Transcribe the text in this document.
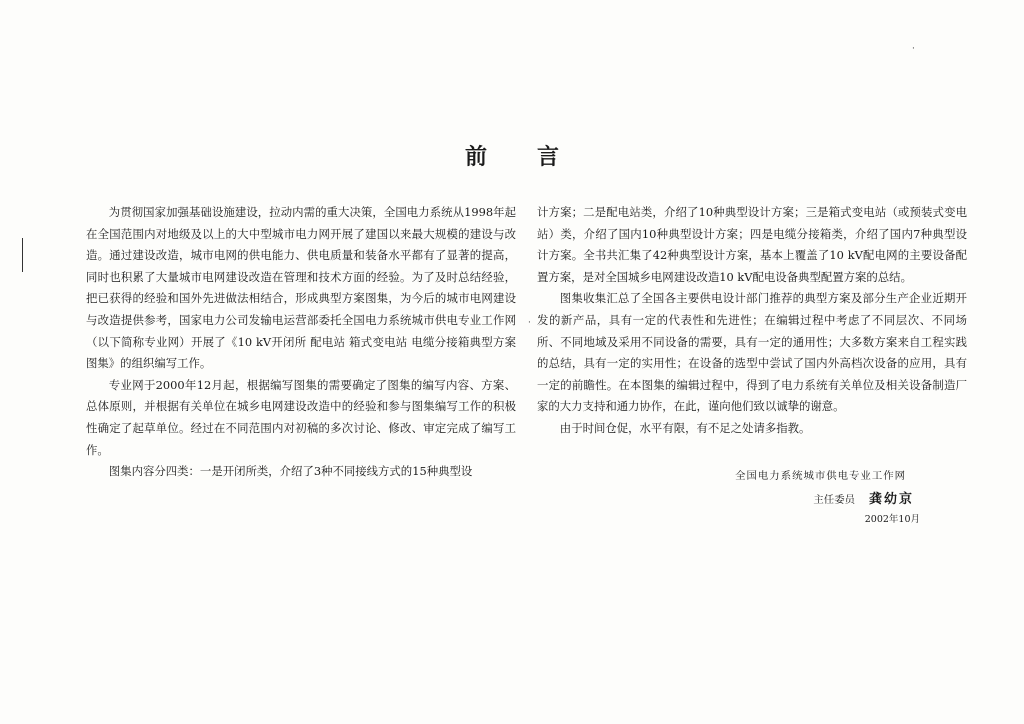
·
·
前 言

为贯彻国家加强基础设施建设，拉动内需的重大决策，全国电力系统从1998年起在全国范围内对地级及以上的大中型城市电力网开展了建国以来最大规模的建设与改造。通过建设改造，城市电网的供电能力、供电质量和装备水平都有了显著的提高，同时也积累了大量城市电网建设改造在管理和技术方面的经验。为了及时总结经验，把已获得的经验和国外先进做法相结合，形成典型方案图集，为今后的城市电网建设与改造提供参考，国家电力公司发输电运营部委托全国电力系统城市供电专业工作网（以下简称专业网）开展了《10 kV开闭所 配电站 箱式变电站 电缆分接箱典型方案图集》的组织编写工作。

专业网于2000年12月起，根据编写图集的需要确定了图集的编写内容、方案、总体原则，并根据有关单位在城乡电网建设改造中的经验和参与图集编写工作的积极性确定了起草单位。经过在不同范围内对初稿的多次讨论、修改、审定完成了编写工作。

图集内容分四类：一是开闭所类，介绍了3种不同接线方式的15种典型设

计方案；二是配电站类，介绍了10种典型设计方案；三是箱式变电站（或预装式变电站）类，介绍了国内10种典型设计方案；四是电缆分接箱类，介绍了国内7种典型设计方案。全书共汇集了42种典型设计方案，基本上覆盖了10 kV配电网的主要设备配置方案，是对全国城乡电网建设改造10 kV配电设备典型配置方案的总结。

图集收集汇总了全国各主要供电设计部门推荐的典型方案及部分生产企业近期开发的新产品，具有一定的代表性和先进性；在编辑过程中考虑了不同层次、不同场所、不同地域及采用不同设备的需要，具有一定的通用性；大多数方案来自工程实践的总结，具有一定的实用性；在设备的选型中尝试了国内外高档次设备的应用，具有一定的前瞻性。在本图集的编辑过程中，得到了电力系统有关单位及相关设备制造厂家的大力支持和通力协作，在此，谨向他们致以诚挚的谢意。

由于时间仓促，水平有限，有不足之处请多指教。

全国电力系统城市供电专业工作网
主任委员 龚幼京
2002年10月
